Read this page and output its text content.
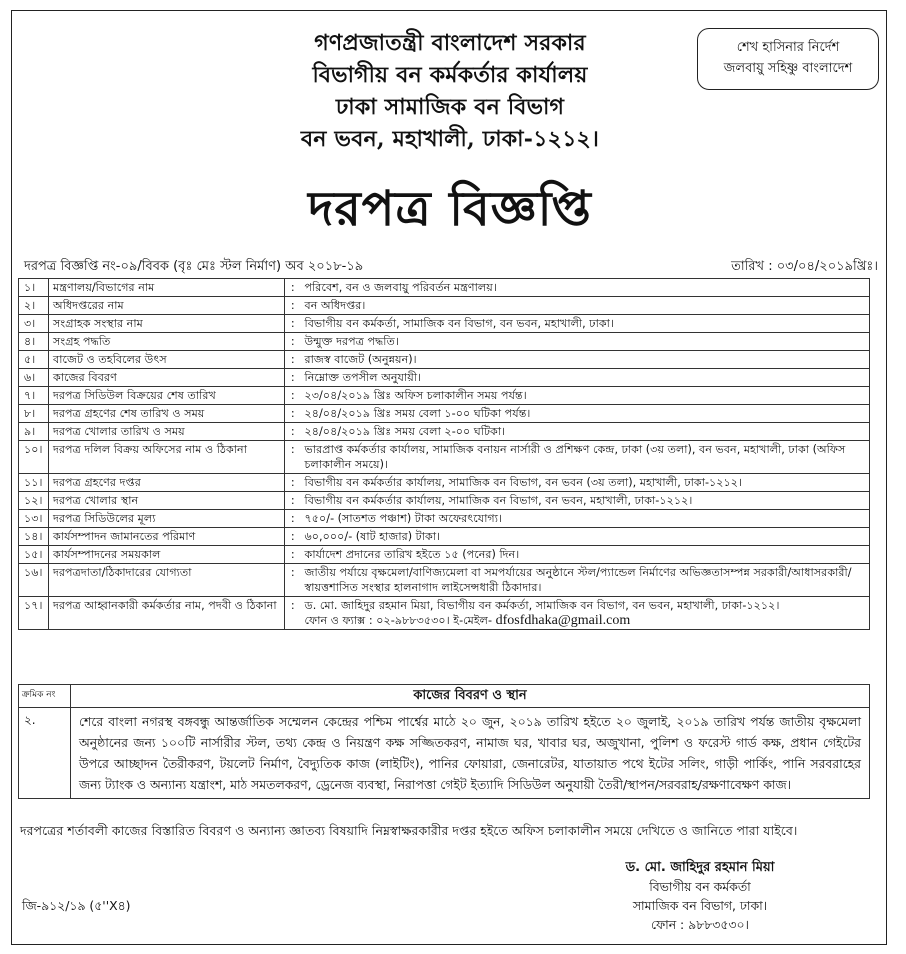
গণপ্রজাতন্ত্রী বাংলাদেশ সরকার
বিভাগীয় বন কর্মকর্তার কার্যালয়
ঢাকা সামাজিক বন বিভাগ
বন ভবন, মহাখালী, ঢাকা-১২১২।
শেখ হাসিনার নির্দেশ
জলবায়ু সহিষ্ণু বাংলাদেশ
দরপত্র বিজ্ঞপ্তি
দরপত্র বিজ্ঞপ্তি নং-০৯/বিবক (বৃঃ মেঃ স্টল নির্মাণ) অব ২০১৮-১৯	তারিখ : ০৩/০৪/২০১৯খ্রিঃ।
১।	মন্ত্রণালয়/বিভাগের নাম	:	পরিবেশ, বন ও জলবায়ু পরিবর্তন মন্ত্রণালয়।
২।	অধিদপ্তরের নাম	:	বন অধিদপ্তর।
৩।	সংগ্রাহক সংস্থার নাম	:	বিভাগীয় বন কর্মকর্তা, সামাজিক বন বিভাগ, বন ভবন, মহাখালী, ঢাকা।
৪।	সংগ্রহ পদ্ধতি	:	উন্মুক্ত দরপত্র পদ্ধতি।
৫।	বাজেট ও তহবিলের উৎস	:	রাজস্ব বাজেট (অনুন্নয়ন)।
৬।	কাজের বিবরণ	:	নিম্নোক্ত তপসীল অনুযায়ী।
৭।	দরপত্র সিডিউল বিক্রয়ের শেষ তারিখ	:	২৩/০৪/২০১৯ খ্রিঃ অফিস চলাকালীন সময় পর্যন্ত।
৮।	দরপত্র গ্রহণের শেষ তারিখ ও সময়	:	২৪/০৪/২০১৯ খ্রিঃ সময় বেলা ১-০০ ঘটিকা পর্যন্ত।
৯।	দরপত্র খোলার তারিখ ও সময়	:	২৪/০৪/২০১৯ খ্রিঃ সময় বেলা ২-০০ ঘটিকা।
১০।	দরপত্র দলিল বিক্রয় অফিসের নাম ও ঠিকানা	:	ভারপ্রাপ্ত কর্মকর্তার কার্যালয়, সামাজিক বনায়ন নার্সারী ও প্রশিক্ষণ কেন্দ্র, ঢাকা (৩য় তলা), বন ভবন, মহাখালী, ঢাকা (অফিস চলাকালীন সময়ে)।
১১।	দরপত্র গ্রহণের দপ্তর	:	বিভাগীয় বন কর্মকর্তার কার্যালয়, সামাজিক বন বিভাগ, বন ভবন (৩য় তলা), মহাখালী, ঢাকা-১২১২।
১২।	দরপত্র খোলার স্থান	:	বিভাগীয় বন কর্মকর্তার কার্যালয়, সামাজিক বন বিভাগ, বন ভবন, মহাখালী, ঢাকা-১২১২।
১৩।	দরপত্র সিডিউলের মূল্য	:	৭৫০/- (সাতশত পঞ্চাশ) টাকা অফেরৎযোগ্য।
১৪।	কার্যসম্পাদন জামানতের পরিমাণ	:	৬০,০০০/- (ষাট হাজার) টাকা।
১৫।	কার্যসম্পাদনের সময়কাল	:	কার্যাদেশ প্রদানের তারিখ হইতে ১৫ (পনের) দিন।
১৬।	দরপত্রদাতা/ঠিকাদারের যোগ্যতা	:	জাতীয় পর্যায়ে বৃক্ষমেলা/বাণিজ্যমেলা বা সমপর্যায়ের অনুষ্ঠানে স্টল/প্যান্ডেল নির্মাণের অভিজ্ঞতাসম্পন্ন সরকারী/আধাসরকারী/স্বায়ত্তশাসিত সংস্থার হালনাগাদ লাইসেন্সধারী ঠিকাদার।
১৭।	দরপত্র আহ্বানকারী কর্মকর্তার নাম, পদবী ও ঠিকানা	:	ড. মো. জাহিদুর রহমান মিয়া, বিভাগীয় বন কর্মকর্তা, সামাজিক বন বিভাগ, বন ভবন, মহাখালী, ঢাকা-১২১২।
ফোন ও ফ্যাক্স : ০২-৯৮৮৩৫৩০। ই-মেইল- dfosfdhaka@gmail.com
ক্রমিক নং	কাজের বিবরণ ও স্থান
২.	শেরে বাংলা নগরস্থ বঙ্গবন্ধু আন্তর্জাতিক সম্মেলন কেন্দ্রের পশ্চিম পার্শ্বের মাঠে ২০ জুন, ২০১৯ তারিখ হইতে ২০ জুলাই, ২০১৯ তারিখ পর্যন্ত জাতীয় বৃক্ষমেলা অনুষ্ঠানের জন্য ১০০টি নার্সারীর স্টল, তথ্য কেন্দ্র ও নিয়ন্ত্রণ কক্ষ সজ্জিতকরণ, নামাজ ঘর, খাবার ঘর, অজুখানা, পুলিশ ও ফরেস্ট গার্ড কক্ষ, প্রধান গেইটের উপরে আচ্ছাদন তৈরীকরণ, টয়লেট নির্মাণ, বৈদ্যুতিক কাজ (লাইটিং), পানির ফোয়ারা, জেনারেটর, যাতায়াত পথে ইটের সলিং, গাড়ী পার্কিং, পানি সরবরাহের জন্য ট্যাংক ও অন্যান্য যন্ত্রাংশ, মাঠ সমতলকরণ, ড্রেনেজ ব্যবস্থা, নিরাপত্তা গেইট ইত্যাদি সিডিউল অনুযায়ী তৈরী/স্থাপন/সরবরাহ/রক্ষণাবেক্ষণ কাজ।
দরপত্রের শর্তাবলী কাজের বিস্তারিত বিবরণ ও অন্যান্য জ্ঞাতব্য বিষয়াদি নিম্নস্বাক্ষরকারীর দপ্তর হইতে অফিস চলাকালীন সময়ে দেখিতে ও জানিতে পারা যাইবে।
ড. মো. জাহিদুর রহমান মিয়া
বিভাগীয় বন কর্মকর্তা
সামাজিক বন বিভাগ, ঢাকা।
ফোন : ৯৮৮৩৫৩০।
জি-৯১২/১৯ (৫''X৪)
